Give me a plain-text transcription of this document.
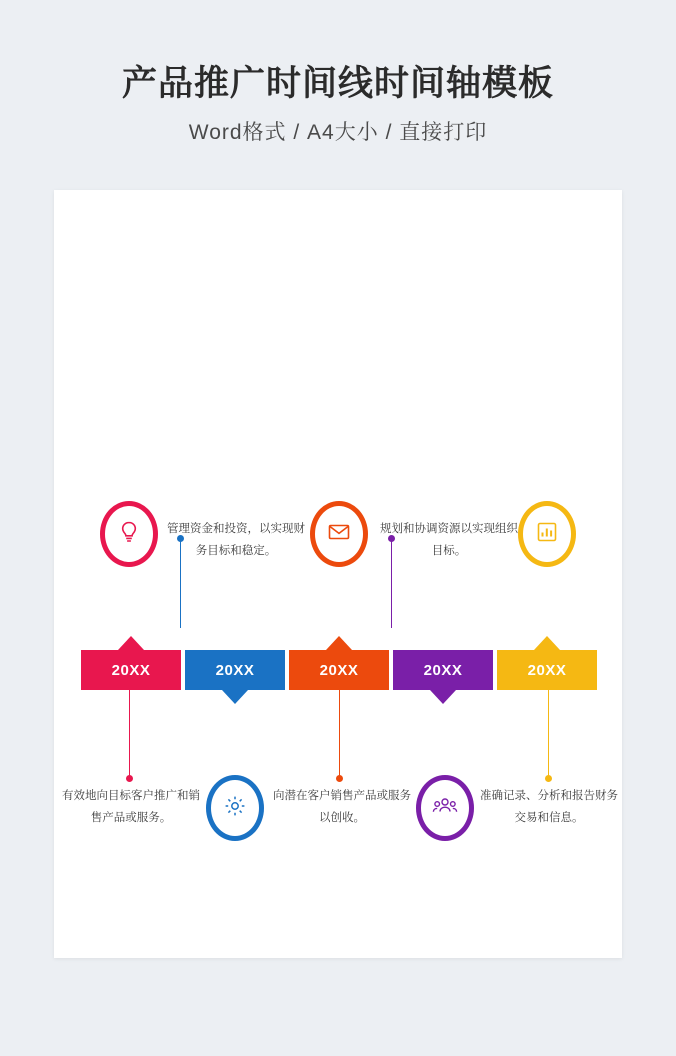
产品推广时间线时间轴模板
Word格式 / A4大小 / 直接打印
管理资金和投资，以实现财务目标和稳定。
规划和协调资源以实现组织目标。
20XX	20XX	20XX	20XX	20XX
有效地向目标客户推广和销售产品或服务。
向潜在客户销售产品或服务以创收。
准确记录、分析和报告财务交易和信息。
